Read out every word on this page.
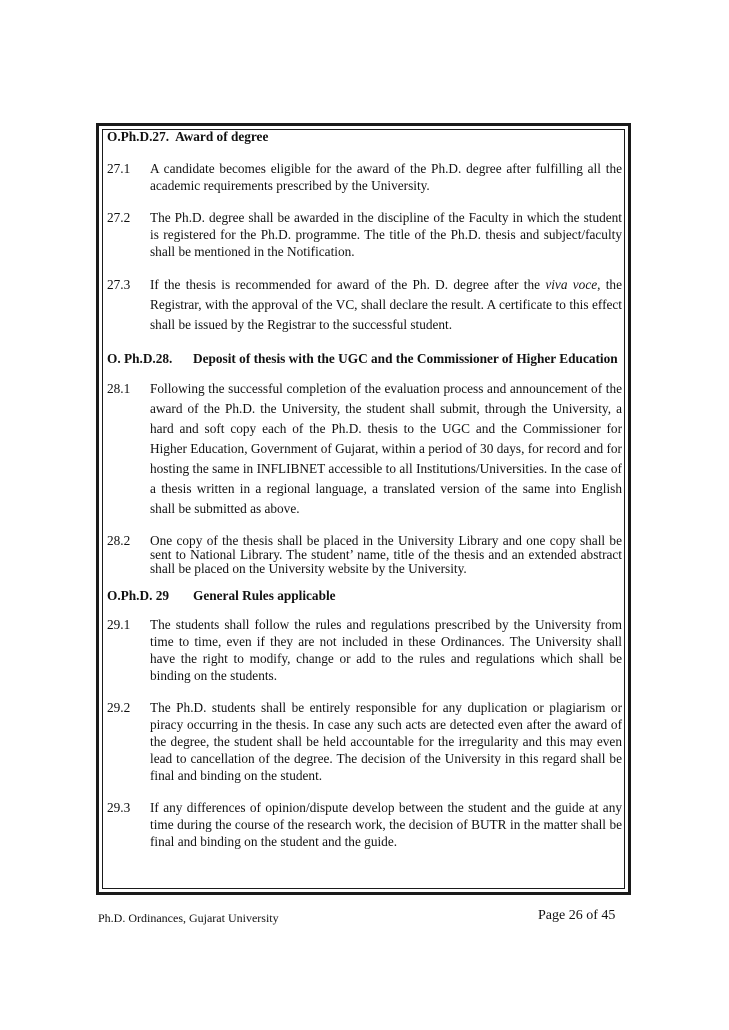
O.Ph.D.27. Award of degree
27.1	A candidate becomes eligible for the award of the Ph.D. degree after fulfilling all the academic requirements prescribed by the University.
27.2	The Ph.D. degree shall be awarded in the discipline of the Faculty in which the student is registered for the Ph.D. programme. The title of the Ph.D. thesis and subject/faculty shall be mentioned in the Notification.
27.3	If the thesis is recommended for award of the Ph. D. degree after the viva voce, the Registrar, with the approval of the VC, shall declare the result. A certificate to this effect shall be issued by the Registrar to the successful student.
O. Ph.D.28.	Deposit of thesis with the UGC and the Commissioner of Higher Education
28.1	Following the successful completion of the evaluation process and announcement of the award of the Ph.D. the University, the student shall submit, through the University, a hard and soft copy each of the Ph.D. thesis to the UGC and the Commissioner for Higher Education, Government of Gujarat, within a period of 30 days, for record and for hosting the same in INFLIBNET accessible to all Institutions/Universities. In the case of a thesis written in a regional language, a translated version of the same into English shall be submitted as above.
28.2	One copy of the thesis shall be placed in the University Library and one copy shall be sent to National Library. The student’ name, title of the thesis and an extended abstract shall be placed on the University website by the University.
O.Ph.D. 29	General Rules applicable
29.1	The students shall follow the rules and regulations prescribed by the University from time to time, even if they are not included in these Ordinances. The University shall have the right to modify, change or add to the rules and regulations which shall be binding on the students.
29.2	The Ph.D. students shall be entirely responsible for any duplication or plagiarism or piracy occurring in the thesis. In case any such acts are detected even after the award of the degree, the student shall be held accountable for the irregularity and this may even lead to cancellation of the degree. The decision of the University in this regard shall be final and binding on the student.
29.3	If any differences of opinion/dispute develop between the student and the guide at any time during the course of the research work, the decision of BUTR in the matter shall be final and binding on the student and the guide.
Ph.D. Ordinances, Gujarat University	Page 26 of 45
